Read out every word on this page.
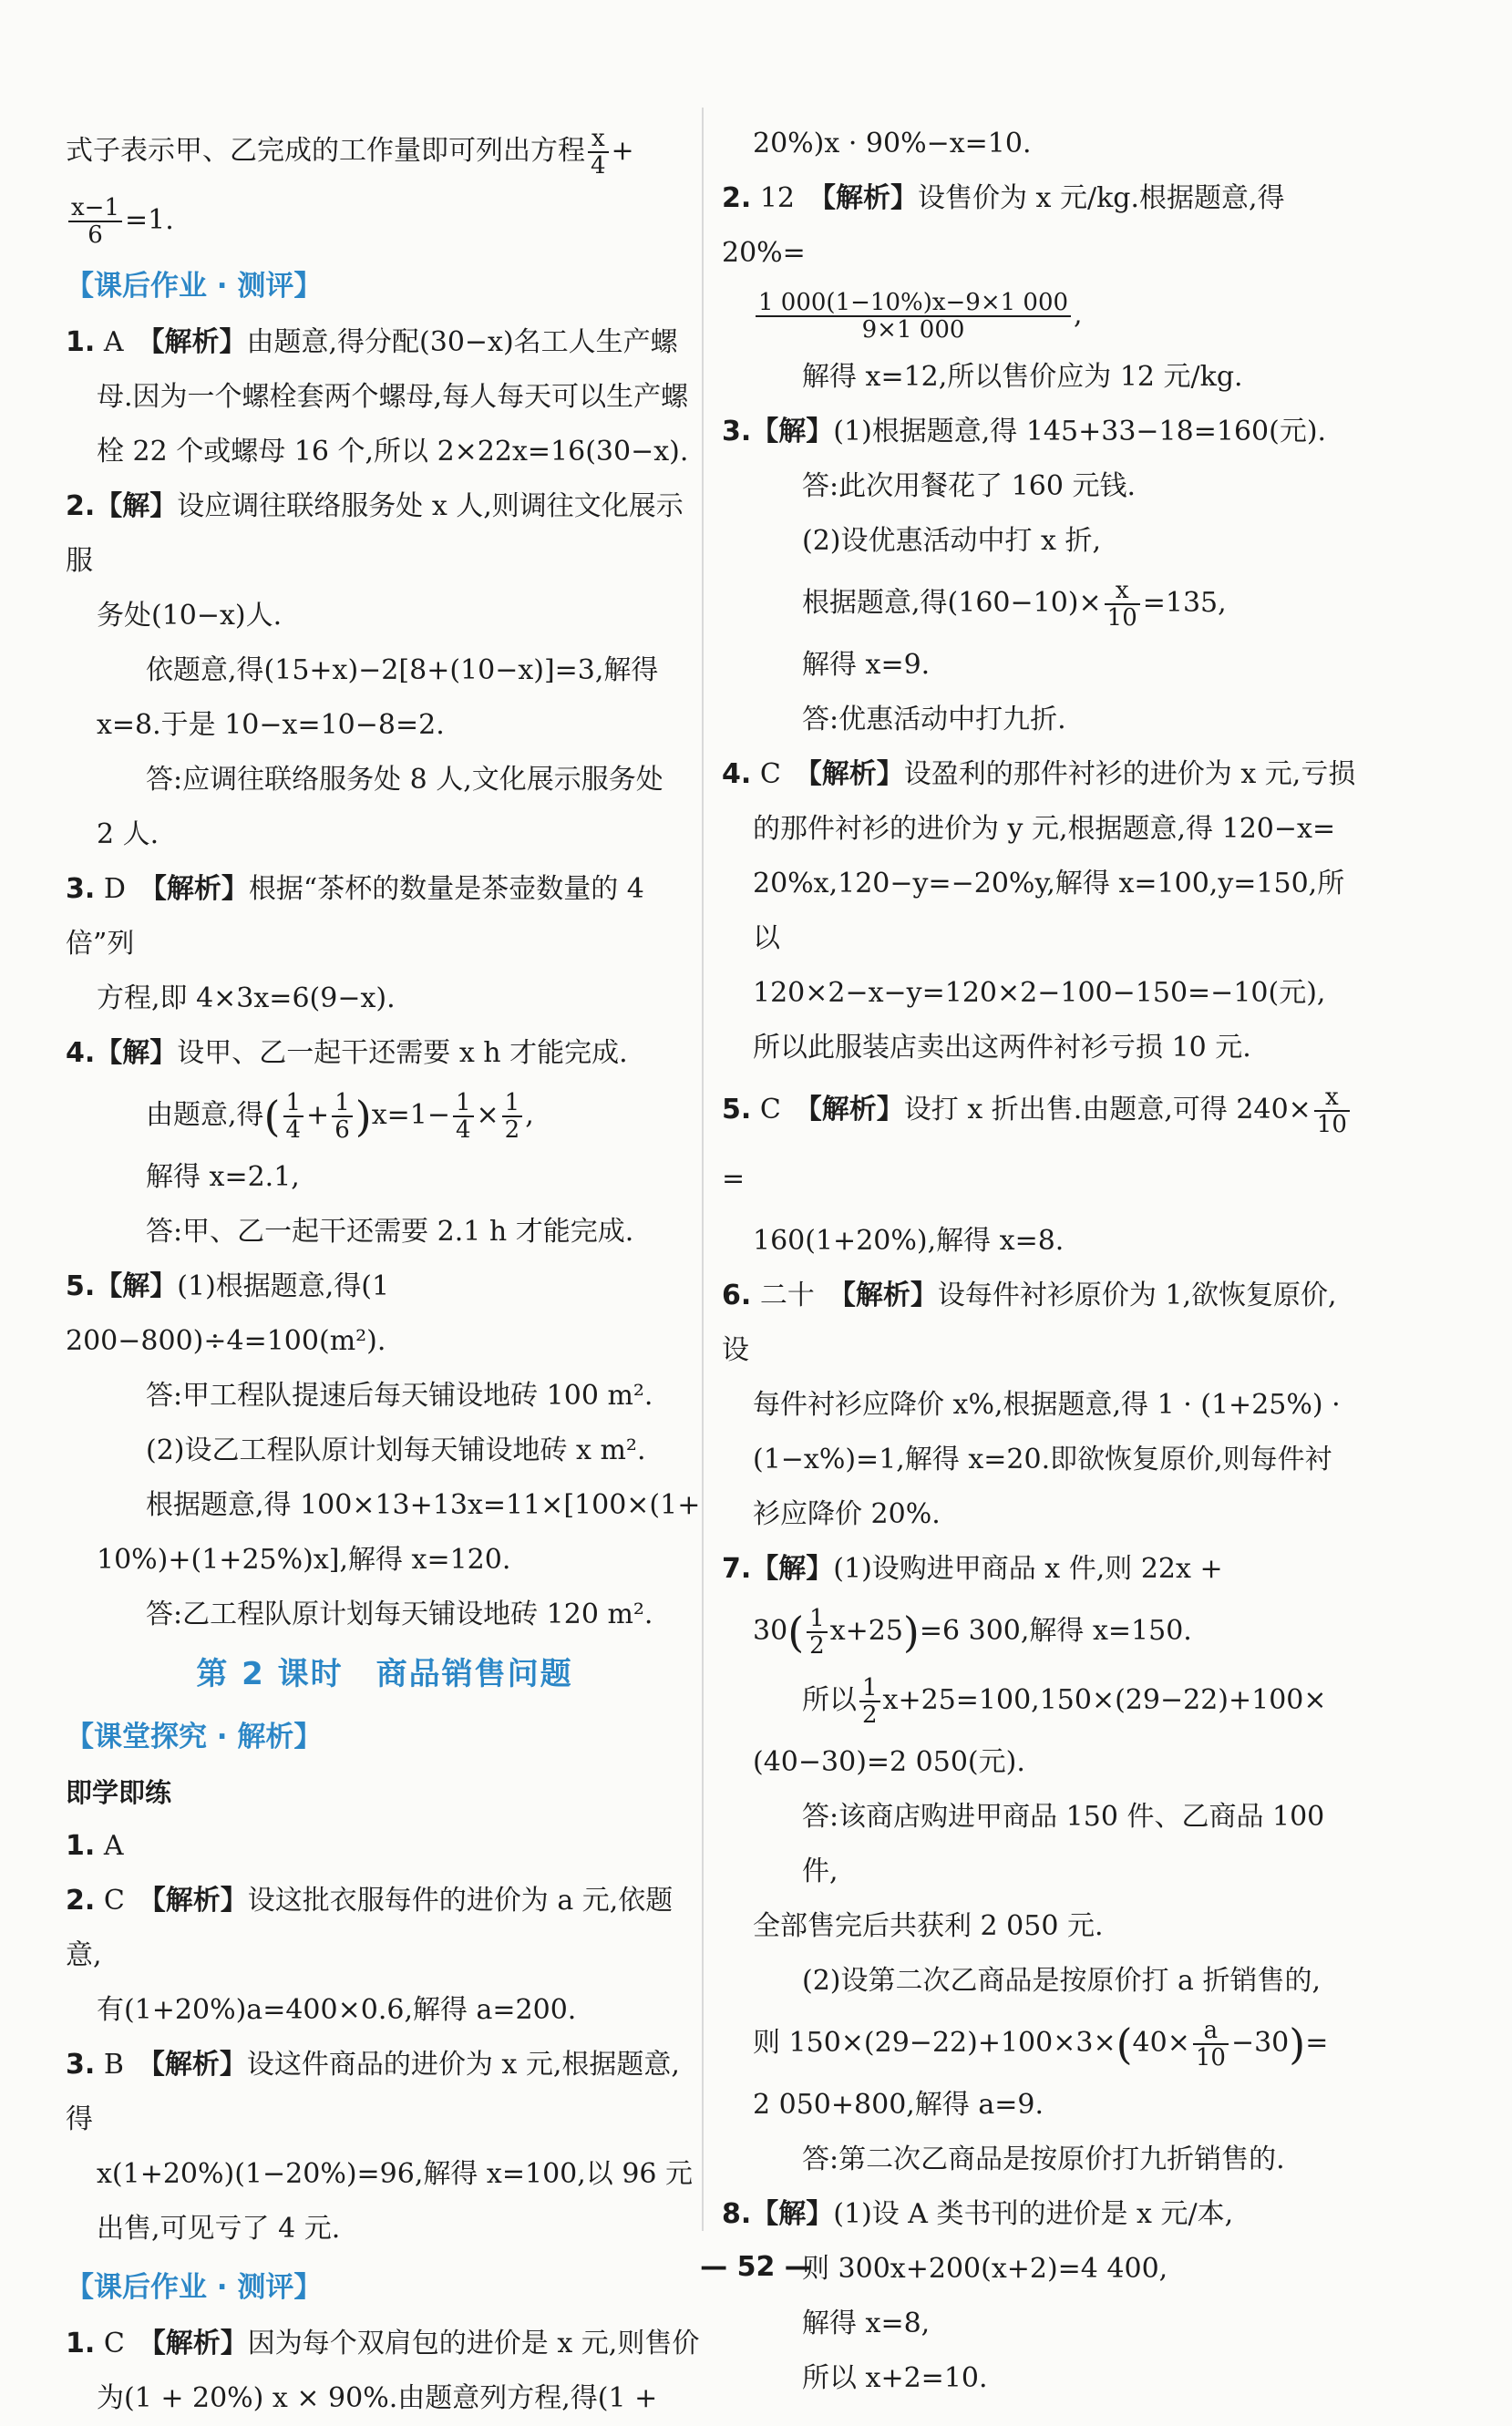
式子表示甲、乙完成的工作量即可列出方程 $\frac{x}{4}$ +

$\frac{x-1}{6} =1$.

【课后作业 · 测评】

1. A　 【解析】由题意,得分配(30−x)名工人生产螺

母.因为一个螺栓套两个螺母,每人每天可以生产螺

栓 22 个或螺母 16 个,所以 2×22x=16(30−x).

2.【解】设应调往联络服务处 x 人,则调往文化展示服

务处(10−x)人.

依题意,得(15+x)−2[8+(10−x)]=3,解得

x=8.于是 10−x=10−8=2.

答:应调往联络服务处 8 人,文化展示服务处

2 人.

3. D　 【解析】根据“茶杯的数量是茶壶数量的 4 倍”列

方程,即 4×3x=6(9−x).

4.【解】设甲、乙一起干还需要 x h 才能完成.

由题意,得( $\frac{1}{4} + \frac{1}{6} )x=1- \frac{1}{4} \times \frac{1}{2}$ ,

解得 x=2.1,

答:甲、乙一起干还需要 2.1 h 才能完成.

5.【解】(1)根据题意,得(1 200−800)÷4=100(m²).

答:甲工程队提速后每天铺设地砖 100 m².

(2)设乙工程队原计划每天铺设地砖 x m².

根据题意,得 100×13+13x=11×[100×(1+

10%)+(1+25%)x],解得 x=120.

答:乙工程队原计划每天铺设地砖 120 m².

第 2 课时　商品销售问题

【课堂探究 · 解析】

即学即练

1. A

2. C　 【解析】设这批衣服每件的进价为 a 元,依题意,

有(1+20%)a=400×0.6,解得 a=200.

3. B　 【解析】设这件商品的进价为 x 元,根据题意,得

x(1+20%)(1−20%)=96,解得 x=100,以 96 元

出售,可见亏了 4 元.

【课后作业 · 测评】

1. C　 【解析】因为每个双肩包的进价是 x 元,则售价

为(1 + 20%) x × 90%.由题意列方程,得(1 +

20%)x · 90%−x=10.

2. 12　 【解析】设售价为 x 元/kg.根据题意,得 20%=

$\frac{1 000(1-10\%)x-9\times 1 000}{9\times 1 000}$ ,

解得 x=12,所以售价应为 12 元/kg.

3.【解】(1)根据题意,得 145+33−18=160(元).

答:此次用餐花了 160 元钱.

(2)设优惠活动中打 x 折,

根据题意,得$(160-10)\times \frac{x}{10} =135$,

解得 x=9.

答:优惠活动中打九折.

4. C　 【解析】设盈利的那件衬衫的进价为 x 元,亏损

的那件衬衫的进价为 y 元,根据题意,得 120−x=

20%x,120−y=−20%y,解得 x=100,y=150,所

以 120×2−x−y=120×2−100−150=−10(元),

所以此服装店卖出这两件衬衫亏损 10 元.

5. C　 【解析】设打 x 折出售.由题意,可得 $240\times \frac{x}{10}$
=

160(1+20%),解得 x=8.

6. 二十　 【解析】设每件衬衫原价为 1,欲恢复原价,设

每件衬衫应降价 x%,根据题意,得 1 · (1+25%) ·

(1−x%)=1,解得 x=20.即欲恢复原价,则每件衬

衫应降价 20%.

7.【解】(1)设购进甲商品 x 件,则 22x +

$30( \frac{1}{2} x+25)=6$ 300,解得 x=150.

所以 $\frac{1}{2} x+25=100,150\times(29-22)+100\times$

(40−30)=2 050(元).

答:该商店购进甲商品 150 件、乙商品 100 件,

全部售完后共获利 2 050 元.

(2)设第二次乙商品是按原价打 a 折销售的,

则 $150\times(29-22)+100\times 3\times(40\times \frac{a}{10} -30)=$

2 050+800,解得 a=9.

答:第二次乙商品是按原价打九折销售的.

8.【解】(1)设 A 类书刊的进价是 x 元/本,

则 300x+200(x+2)=4 400,

解得 x=8,

所以 x+2=10.

— 52 —
